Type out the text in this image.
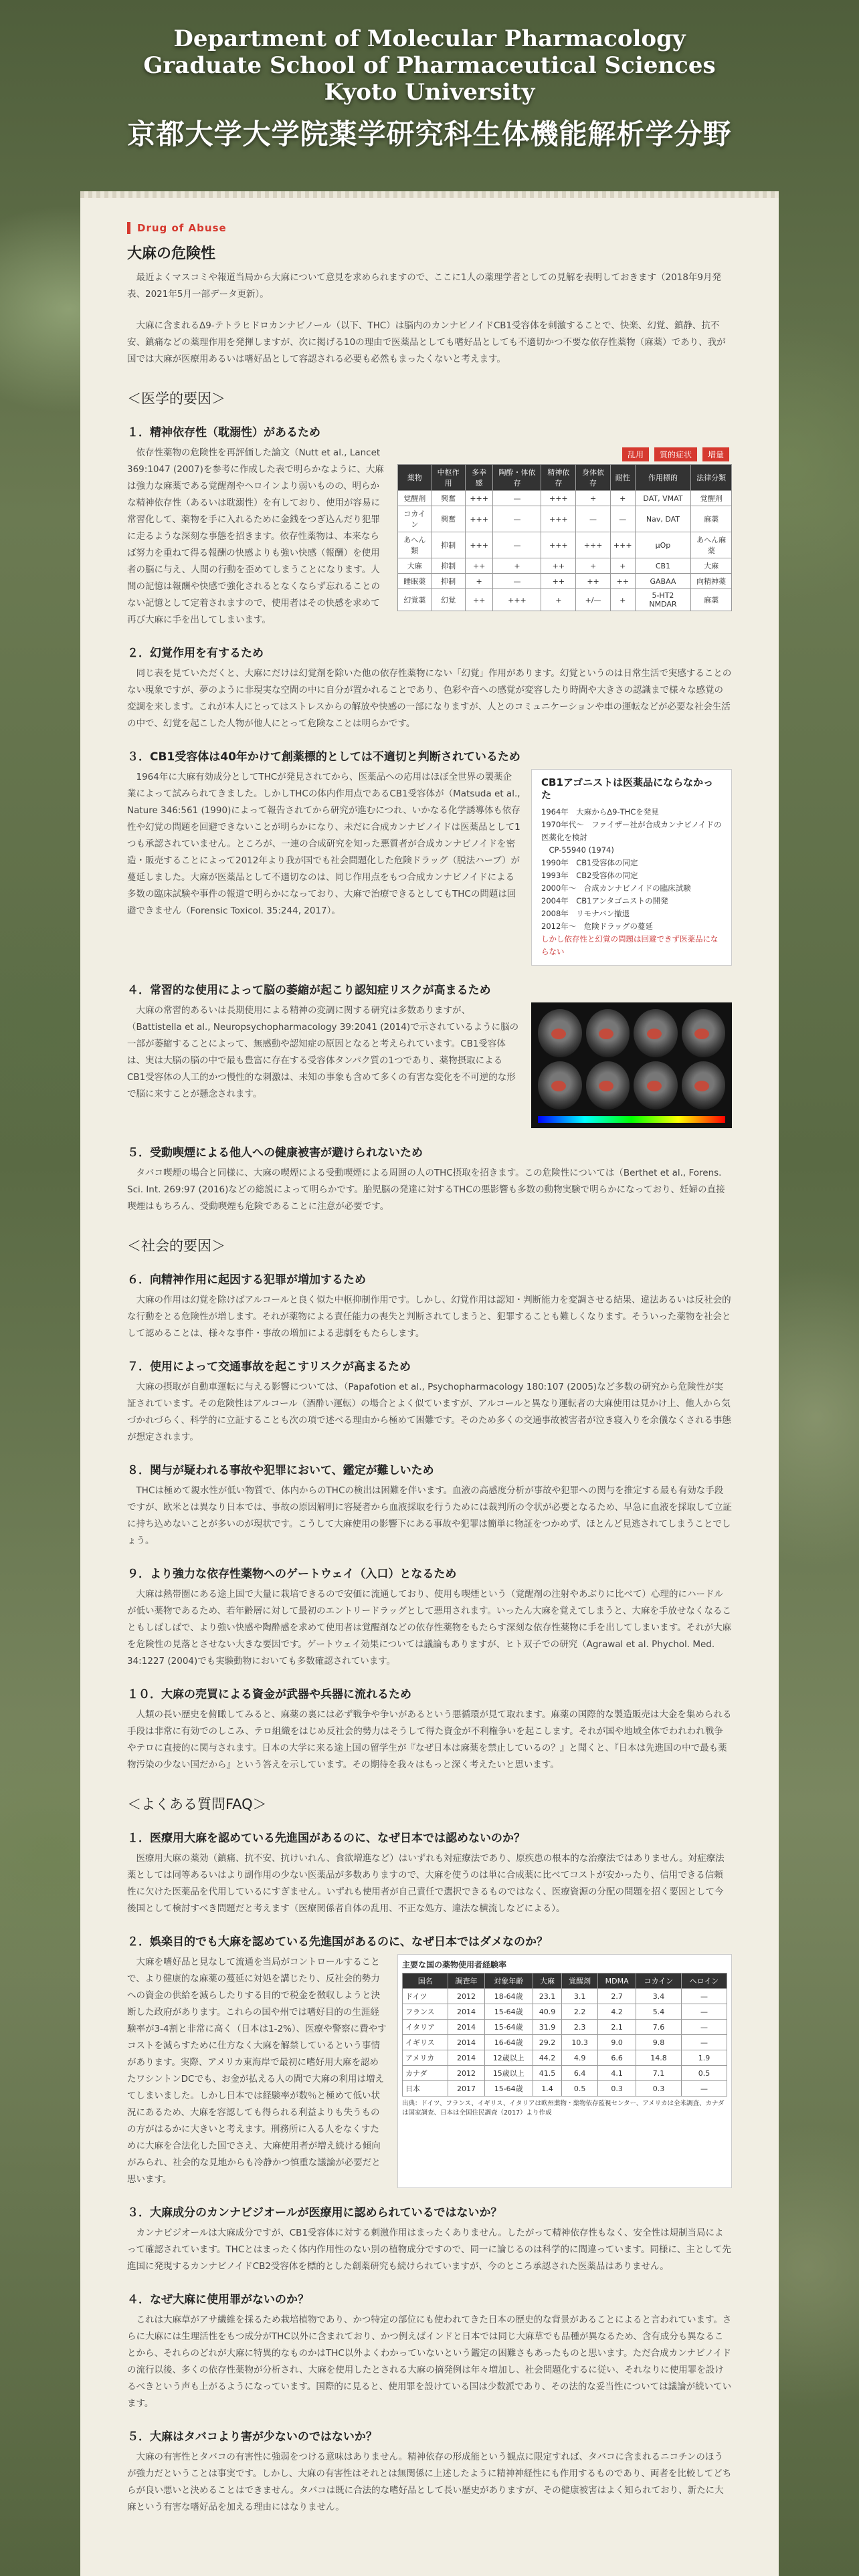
Department of Molecular Pharmacology
Graduate School of Pharmaceutical Sciences
Kyoto University
京都大学大学院薬学研究科生体機能解析学分野
Drug of Abuse
大麻の危険性

最近よくマスコミや報道当局から大麻について意見を求められますので、ここに1人の薬理学者としての見解を表明しておきます（2018年9月発表、2021年5月一部データ更新）。

大麻に含まれるΔ9-テトラヒドロカンナビノール（以下、THC）は脳内のカンナビノイドCB1受容体を刺激することで、快楽、幻覚、鎮静、抗不安、鎮痛などの薬理作用を発揮しますが、次に掲げる10の理由で医薬品としても嗜好品としても不適切かつ不要な依存性薬物（麻薬）であり、我が国では大麻が医療用あるいは嗜好品として容認される必要も必然もまったくないと考えます。

＜医学的要因＞
１．精神依存性（耽溺性）があるため

依存性薬物の危険性を再評価した論文（Nutt et al., Lancet 369:1047 (2007)を参考に作成した表で明らかなように、大麻は強力な麻薬である覚醒剤やヘロインより弱いものの、明らかな精神依存性（あるいは耽溺性）を有しており、使用が容易に常習化して、薬物を手に入れるために金銭をつぎ込んだり犯罪に走るような深刻な事態を招きます。依存性薬物は、本来ならば努力を重ねて得る報酬の快感よりも強い快感（報酬）を使用者の脳に与え、人間の行動を歪めてしまうことになります。人間の記憶は報酬や快感で強化されるとなくならず忘れることのない記憶として定着されますので、使用者はその快感を求めて再び大麻に手を出してしまいます。

乱用	質的症状	増量
薬物	中枢作用	多幸感	陶酔・体依存	精神依存	身体依存	耐性	作用標的	法律分類
覚醒剤	興奮	+++	—	+++	+	+	DAT, VMAT	覚醒剤
コカイン	興奮	+++	—	+++	—	—	Nav, DAT	麻薬
あへん類	抑制	+++	—	+++	+++	+++	μOp	あへん麻薬
大麻	抑制	++	+	++	+	+	CB1	大麻
睡眠薬	抑制	+	—	++	++	++	GABAA	向精神薬
幻覚薬	幻覚	++	+++	+	+/—	+	5-HT2 NMDAR	麻薬
２．幻覚作用を有するため

同じ表を見ていただくと、大麻にだけは幻覚剤を除いた他の依存性薬物にない「幻覚」作用があります。幻覚というのは日常生活で実感することのない現象ですが、夢のように非現実な空間の中に自分が置かれることであり、色彩や音への感覚が変容したり時間や大きさの認識まで様々な感覚の変調を来します。これが本人にとってはストレスからの解放や快感の一部になりますが、人とのコミュニケーションや車の運転などが必要な社会生活の中で、幻覚を起こした人物が他人にとって危険なことは明らかです。

３．CB1受容体は40年かけて創薬標的としては不適切と判断されているため

1964年に大麻有効成分としてTHCが発見されてから、医薬品への応用はほぼ全世界の製薬企業によって試みられてきました。しかしTHCの体内作用点であるCB1受容体が（Matsuda et al., Nature 346:561 (1990)によって報告されてから研究が進むにつれ、いかなる化学誘導体も依存性や幻覚の問題を回避できないことが明らかになり、未だに合成カンナビノイドは医薬品として1つも承認されていません。ところが、一連の合成研究を知った悪質者が合成カンナビノイドを密造・販売することによって2012年より我が国でも社会問題化した危険ドラッグ（脱法ハーブ）が蔓延しました。大麻が医薬品として不適切なのは、同じ作用点をもつ合成カンナビノイドによる多数の臨床試験や事件の報道で明らかになっており、大麻で治療できるとしてもTHCの問題は回避できません（Forensic Toxicol. 35:244, 2017）。

CB1アゴニストは医薬品にならなかった
1964年　大麻からΔ9-THCを発見
1970年代～　ファイザー社が合成カンナビノイドの医薬化を検討
　CP-55940 (1974)
1990年　CB1受容体の同定
1993年　CB2受容体の同定
2000年～　合成カンナビノイドの臨床試験
2004年　CB1アンタゴニストの開発
2008年　リモナバン撤退
2012年～　危険ドラッグの蔓延
しかし依存性と幻覚の問題は回避できず医薬品にならない
４．常習的な使用によって脳の萎縮が起こり認知症リスクが高まるため

大麻の常習的あるいは長期使用による精神の変調に関する研究は多数ありますが、（Battistella et al., Neuropsychopharmacology 39:2041 (2014)で示されているように脳の一部が萎縮することによって、無感動や認知症の原因となると考えられています。CB1受容体は、実は大脳の脳の中で最も豊富に存在する受容体タンパク質の1つであり、薬物摂取による CB1受容体の人工的かつ慢性的な刺激は、未知の事象も含めて多くの有害な変化を不可逆的な形で脳に来すことが懸念されます。

５．受動喫煙による他人への健康被害が避けられないため

タバコ喫煙の場合と同様に、大麻の喫煙による受動喫煙による周囲の人のTHC摂取を招きます。この危険性については（Berthet et al., Forens. Sci. Int. 269:97 (2016)などの総説によって明らかです。胎児脳の発達に対するTHCの悪影響も多数の動物実験で明らかになっており、妊婦の直接喫煙はもちろん、受動喫煙も危険であることに注意が必要です。

＜社会的要因＞
６．向精神作用に起因する犯罪が増加するため

大麻の作用は幻覚を除けばアルコールと良く似た中枢抑制作用です。しかし、幻覚作用は認知・判断能力を変調させる結果、違法あるいは反社会的な行動をとる危険性が増します。それが薬物による責任能力の喪失と判断されてしまうと、犯罪することも難しくなります。そういった薬物を社会として認めることは、様々な事件・事故の増加による悲劇をもたらします。

７．使用によって交通事故を起こすリスクが高まるため

大麻の摂取が自動車運転に与える影響については、（Papafotion et al., Psychopharmacology 180:107 (2005)など多数の研究から危険性が実証されています。その危険性はアルコール（酒酔い運転）の場合とよく似ていますが、アルコールと異なり運転者の大麻使用は見かけ上、他人から気づかれづらく、科学的に立証することも次の項で述べる理由から極めて困難です。そのため多くの交通事故被害者が泣き寝入りを余儀なくされる事態が想定されます。

８．関与が疑われる事故や犯罪において、鑑定が難しいため

THCは極めて親水性が低い物質で、体内からのTHCの検出は困難を伴います。血液の高感度分析が事故や犯罪への関与を推定する最も有効な手段ですが、欧米とは異なり日本では、事故の原因解明に容疑者から血液採取を行うためには裁判所の令状が必要となるため、早急に血液を採取して立証に持ち込めないことが多いのが現状です。こうして大麻使用の影響下にある事故や犯罪は簡単に物証をつかめず、ほとんど見逃されてしまうことでしょう。

９．より強力な依存性薬物へのゲートウェイ（入口）となるため

大麻は熱帯圏にある途上国で大量に栽培できるので安価に流通しており、使用も喫煙という（覚醒剤の注射やあぶりに比べて）心理的にハードルが低い薬物であるため、若年齢層に対して最初のエントリードラッグとして悪用されます。いったん大麻を覚えてしまうと、大麻を手放せなくなることもしばしばで、より強い快感や陶酔感を求めて使用者は覚醒剤などの依存性薬物をもたらす深刻な依存性薬物に手を出してしまいます。それが大麻を危険性の見落とさせない大きな要因です。ゲートウェイ効果については議論もありますが、ヒト双子での研究（Agrawal et al. Phychol. Med. 34:1227 (2004)でも実験動物においても多数確認されています。

１０．大麻の売買による資金が武器や兵器に流れるため

人類の長い歴史を俯瞰してみると、麻薬の裏には必ず戦争や争いがあるという悪循環が見て取れます。麻薬の国際的な製造販売は大金を集められる手段は非常に有効でのしこみ、テロ組織をはじめ反社会的勢力はそうして得た資金が不利権争いを起こします。それが国や地域全体でわれわれ戦争やテロに直接的に関与されます。日本の大学に来る途上国の留学生が『なぜ日本は麻薬を禁止しているの？』と聞くと、『日本は先進国の中で最も薬物汚染の少ない国だから』という答えを示しています。その期待を我々はもっと深く考えたいと思います。

＜よくある質問FAQ＞
１．医療用大麻を認めている先進国があるのに、なぜ日本では認めないのか？

医療用大麻の薬効（鎮痛、抗不安、抗けいれん、食欲増進など）はいずれも対症療法であり、原疾患の根本的な治療法ではありません。対症療法薬としては同等あるいはより副作用の少ない医薬品が多数ありますので、大麻を使うのは単に合成薬に比べてコストが安かったり、信用できる信頼性に欠けた医薬品を代用しているにすぎません。いずれも使用者が自己責任で選択できるものではなく、医療資源の分配の問題を招く要因として今後国として検討すべき問題だと考えます（医療関係者自体の乱用、不正な処方、違法な横流しなどによる）。

２．娯楽目的でも大麻を認めている先進国があるのに、なぜ日本ではダメなのか？

大麻を嗜好品と見なして流通を当局がコントロールすることで、より健康的な麻薬の蔓延に対処を講じたり、反社会的勢力への資金の供給を減らしたりする目的で税金を徴収しようと決断した政府があります。これらの国や州では嗜好目的の生涯経験率が3-4割と非常に高く（日本は1-2%）、医療や警察に費やすコストを減らすために仕方なく大麻を解禁しているという事情があります。実際、アメリカ東海岸で最初に嗜好用大麻を認めたワシントンDCでも、お金が払える人の間で大麻の利用は増えてしまいました。しかし日本では経験率が数％と極めて低い状況にあるため、大麻を容認しても得られる利益よりも失うものの方がはるかに大きいと考えます。刑務所に入る人をなくすために大麻を合法化した国でさえ、大麻使用者が増え続ける傾向がみられ、社会的な見地からも冷静かつ慎重な議論が必要だと思います。

主要な国の薬物使用者経験率
国名	調査年	対象年齢	大麻	覚醒剤	MDMA	コカイン	ヘロイン
ドイツ	2012	18-64歳	23.1	3.1	2.7	3.4	—
フランス	2014	15-64歳	40.9	2.2	4.2	5.4	—
イタリア	2014	15-64歳	31.9	2.3	2.1	7.6	—
イギリス	2014	16-64歳	29.2	10.3	9.0	9.8	—
アメリカ	2014	12歳以上	44.2	4.9	6.6	14.8	1.9
カナダ	2012	15歳以上	41.5	6.4	4.1	7.1	0.5
日本	2017	15-64歳	1.4	0.5	0.3	0.3	—
出典：ドイツ、フランス、イギリス、イタリアは欧州薬物・薬物依存監視センター、アメリカは全米調査、カナダは国家調査、日本は全国住民調査（2017）より作成
３．大麻成分のカンナビジオールが医療用に認められているではないか？

カンナビジオールは大麻成分ですが、CB1受容体に対する刺激作用はまったくありません。したがって精神依存性もなく、安全性は規制当局によって確認されています。THCとはまったく体内作用性のない別の植物成分ですので、同一に論じるのは科学的に間違っています。同様に、主として先進国に発現するカンナビノイドCB2受容体を標的とした創薬研究も続けられていますが、今のところ承認された医薬品はありません。

４．なぜ大麻に使用罪がないのか？

これは大麻草がアサ繊維を採るため栽培植物であり、かつ特定の部位にも使われてきた日本の歴史的な背景があることによると言われています。さらに大麻には生理活性をもつ成分がTHC以外に含まれており、かつ例えばインドと日本では同じ大麻草でも品種が異なるため、含有成分も異なることから、それらのどれが大麻に特異的なものかはTHC以外よくわかっていないという鑑定の困難さもあったものと思います。ただ合成カンナビノイドの流行以後、多くの依存性薬物が分析され、大麻を使用したとされる大麻の摘発例は年々増加し、社会問題化するに従い、それなりに使用罪を設けるべきという声も上がるようになっています。国際的に見ると、使用罪を設けている国は少数派であり、その法的な妥当性については議論が続いています。

５．大麻はタバコより害が少ないのではないか？

大麻の有害性とタバコの有害性に強弱をつける意味はありません。精神依存の形成能という観点に限定すれば、タバコに含まれるニコチンのほうが強力だということは事実です。しかし、大麻の有害性はそれとは無関係に上述したように精神神経性にも作用するものであり、両者を比較してどちらが良い悪いと決めることはできません。タバコは既に合法的な嗜好品として長い歴史がありますが、その健康被害はよく知られており、新たに大麻という有害な嗜好品を加える理由にはなりません。
